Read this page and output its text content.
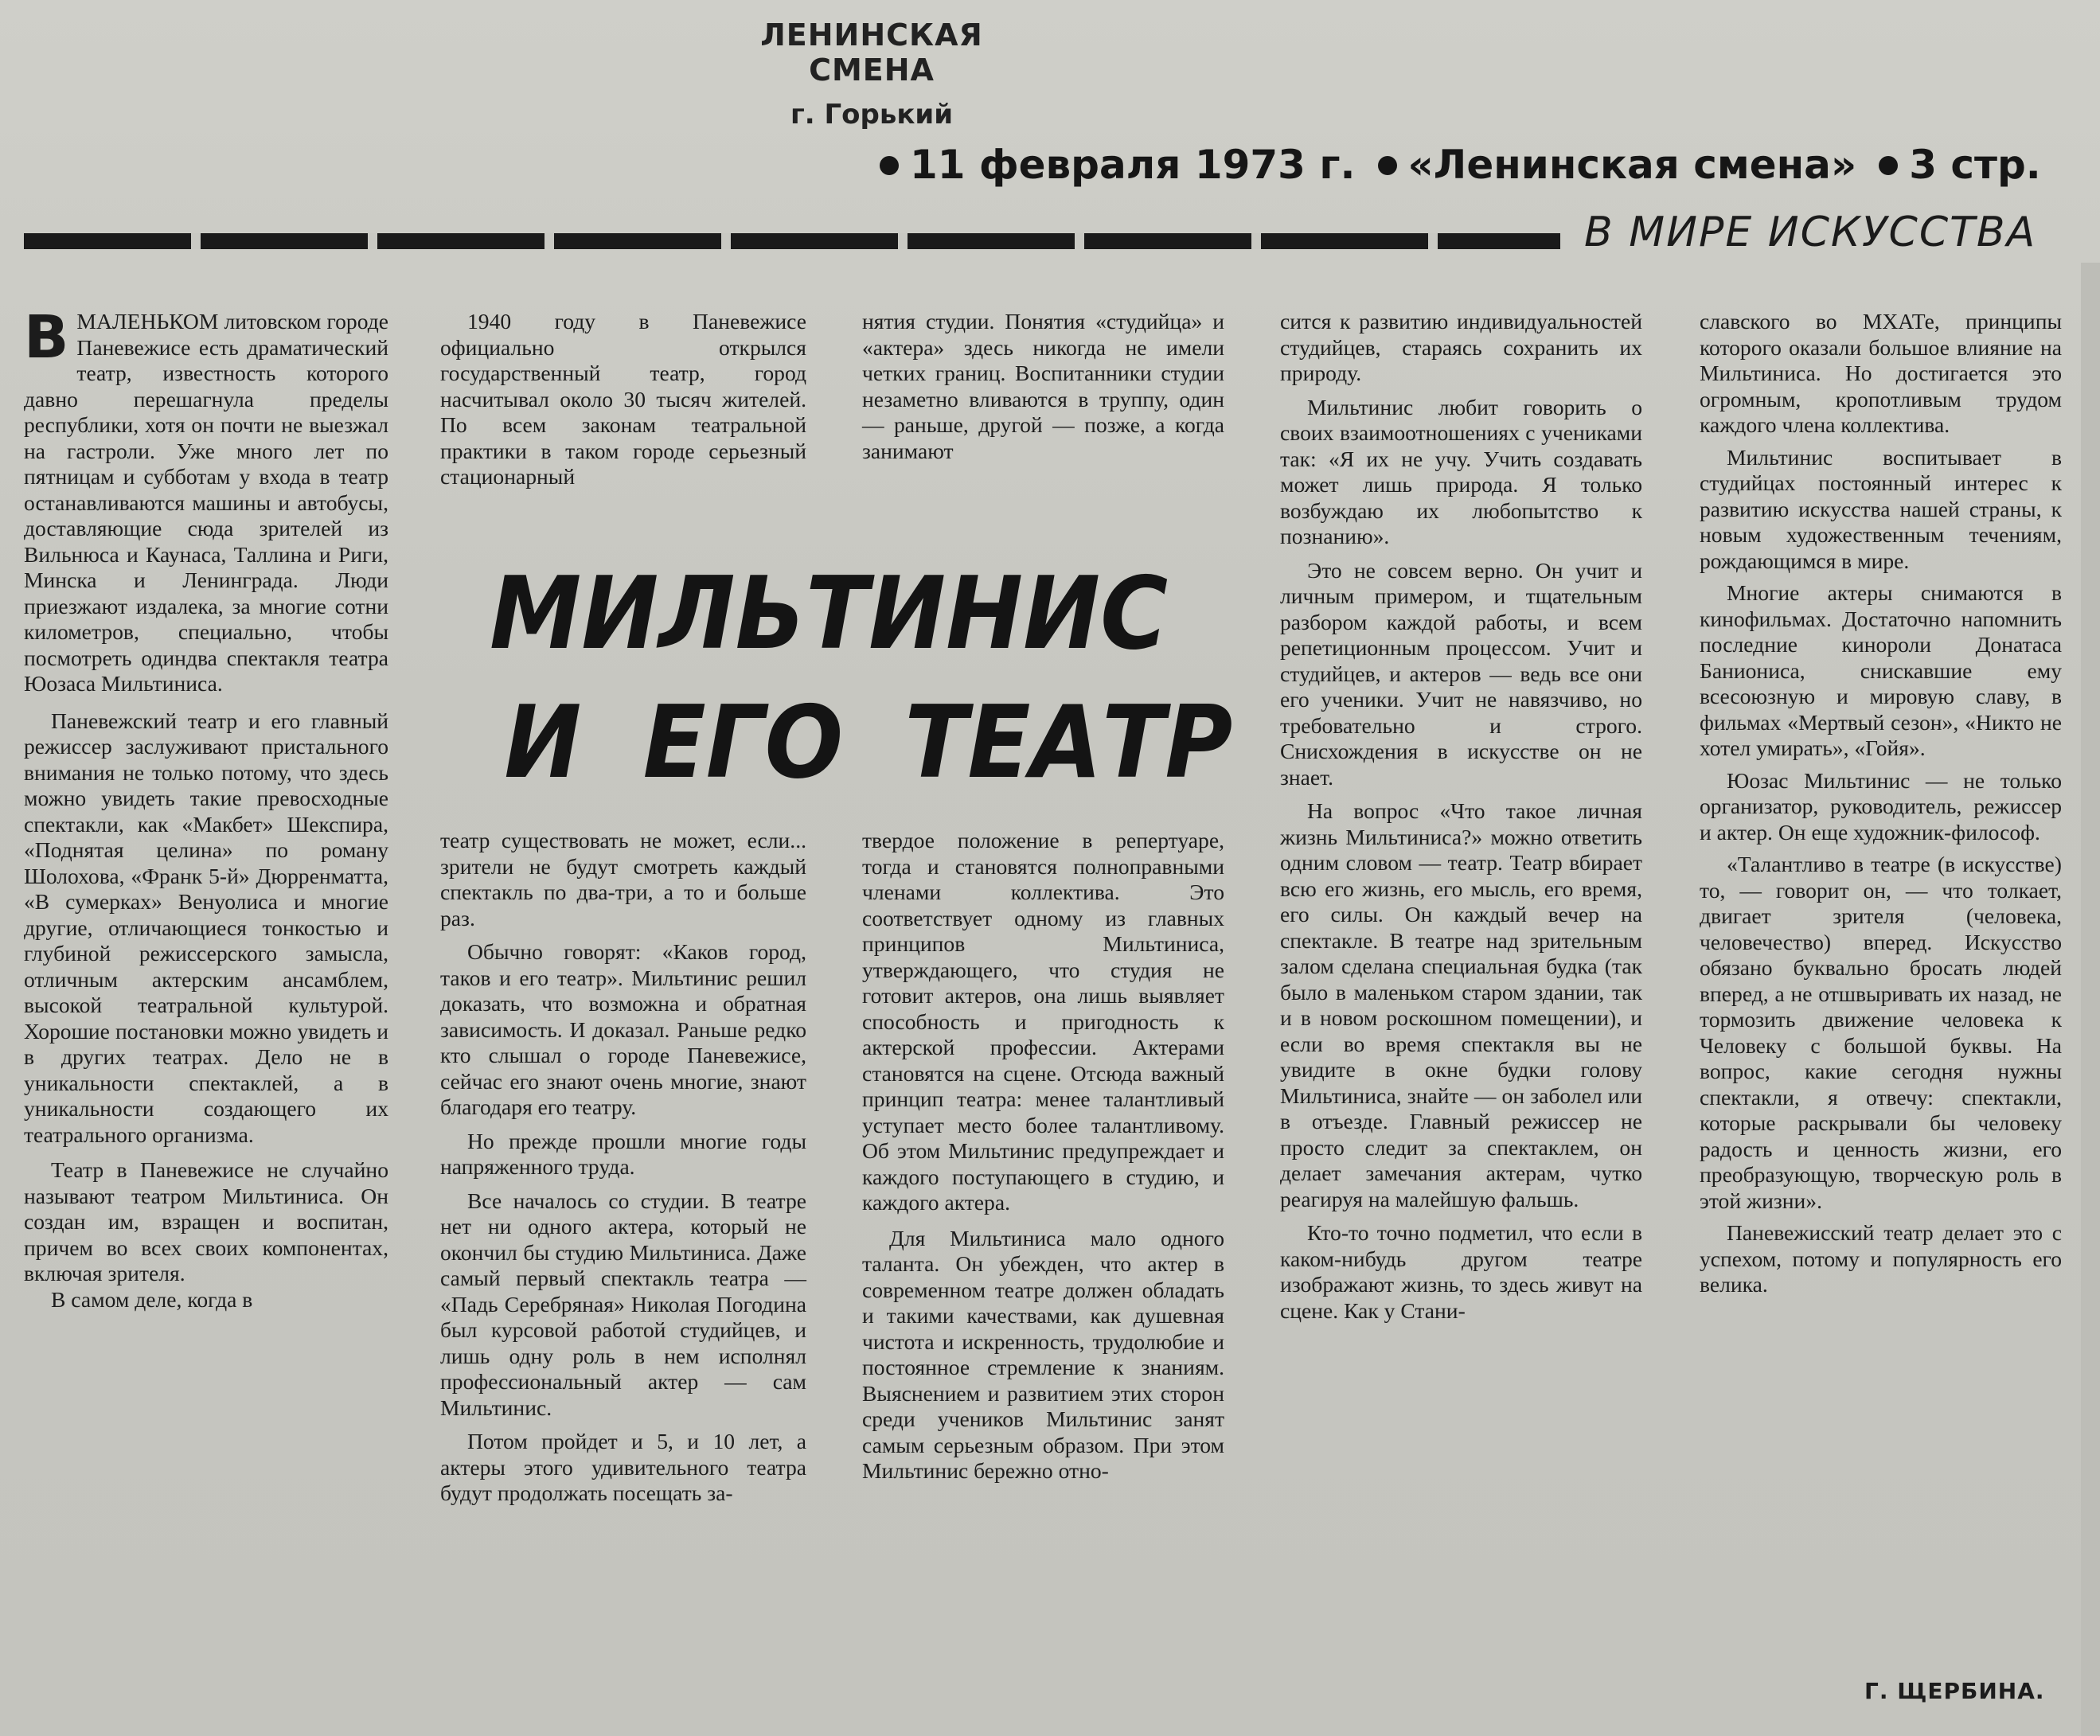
ЛЕНИНСКАЯ СМЕНА
г. Горький
11 февраля 1973 г. «Ленинская смена» 3 стр.
В МИРЕ ИСКУССТВА

ВМАЛЕНЬКОМ литовском городе Паневежисе есть драматический театр, известность которого давно перешагнула пределы республики, хотя он почти не выезжал на гастроли. Уже много лет по пятницам и субботам у входа в театр останавливаются машины и автобусы, доставляющие сюда зрителей из Вильнюса и Каунаса, Таллина и Риги, Минска и Ленинграда. Люди приезжают издалека, за многие сотни километров, специально, чтобы посмотреть одиндва спектакля театра Юозаса Мильтиниса.

Паневежский театр и его главный режиссер заслуживают пристального внимания не только потому, что здесь можно увидеть такие превосходные спектакли, как «Макбет» Шекспира, «Поднятая целина» по роману Шолохова, «Франк 5-й» Дюрренматта, «В сумерках» Венуолиса и многие другие, отличающиеся тонкостью и глубиной режиссерского замысла, отличным актерским ансамблем, высокой театральной культурой. Хорошие постановки можно увидеть и в других театрах. Дело не в уникальности спектаклей, а в уникальности создающего их театрального организма.

Театр в Паневежисе не случайно называют театром Мильтиниса. Он создан им, взращен и воспитан, причем во всех своих компонентах, включая зрителя.

В самом деле, когда в

1940 году в Паневежисе официально открылся государственный театр, город насчитывал около 30 тысяч жителей. По всем законам театральной практики в таком городе серьезный стационарный

театр существовать не может, если... зрители не будут смотреть каждый спектакль по два-три, а то и больше раз.

Обычно говорят: «Каков город, таков и его театр». Мильтинис решил доказать, что возможна и обратная зависимость. И доказал. Раньше редко кто слышал о городе Паневежисе, сейчас его знают очень многие, знают благодаря его театру.

Но прежде прошли многие годы напряженного труда.

Все началось со студии. В театре нет ни одного актера, который не окончил бы студию Мильтиниса. Даже самый первый спектакль театра — «Падь Серебряная» Николая Погодина был курсовой работой студийцев, и лишь одну роль в нем исполнял профессиональный актер — сам Мильтинис.

Потом пройдет и 5, и 10 лет, а актеры этого удивительного театра будут продолжать посещать за-

нятия студии. Понятия «студийца» и «актера» здесь никогда не имели четких границ. Воспитанники студии незаметно вливаются в труппу, один — раньше, другой — позже, а когда занимают

твердое положение в репертуаре, тогда и становятся полноправными членами коллектива. Это соответствует одному из главных принципов Мильтиниса, утверждающего, что студия не готовит актеров, она лишь выявляет способность и пригодность к актерской профессии. Актерами становятся на сцене. Отсюда важный принцип театра: менее талантливый уступает место более талантливому. Об этом Мильтинис предупреждает и каждого поступающего в студию, и каждого актера.

Для Мильтиниса мало одного таланта. Он убежден, что актер в современном театре должен обладать и такими качествами, как душевная чистота и искренность, трудолюбие и постоянное стремление к знаниям. Выяснением и развитием этих сторон среди учеников Мильтинис занят самым серьезным образом. При этом Мильтинис бережно отно-

МИЛЬТИНИС
И ЕГО ТЕАТР

сится к развитию индивидуальностей студийцев, стараясь сохранить их природу.

Мильтинис любит говорить о своих взаимоотношениях с учениками так: «Я их не учу. Учить создавать может лишь природа. Я только возбуждаю их любопытство к познанию».

Это не совсем верно. Он учит и личным примером, и тщательным разбором каждой работы, и всем репетиционным процессом. Учит и студийцев, и актеров — ведь все они его ученики. Учит не навязчиво, но требовательно и строго. Снисхождения в искусстве он не знает.

На вопрос «Что такое личная жизнь Мильтиниса?» можно ответить одним словом — театр. Театр вбирает всю его жизнь, его мысль, его время, его силы. Он каждый вечер на спектакле. В театре над зрительным залом сделана специальная будка (так было в маленьком старом здании, так и в новом роскошном помещении), и если во время спектакля вы не увидите в окне будки голову Мильтиниса, знайте — он заболел или в отъезде. Главный режиссер не просто следит за спектаклем, он делает замечания актерам, чутко реагируя на малейшую фальшь.

Кто-то точно подметил, что если в каком-нибудь другом театре изображают жизнь, то здесь живут на сцене. Как у Стани-

славского во МХАТе, принципы которого оказали большое влияние на Мильтиниса. Но достигается это огромным, кропотливым трудом каждого члена коллектива.

Мильтинис воспитывает в студийцах постоянный интерес к развитию искусства нашей страны, к новым художественным течениям, рождающимся в мире.

Многие актеры снимаются в кинофильмах. Достаточно напомнить последние кинороли Донатаса Баниониса, снискавшие ему всесоюзную и мировую славу, в фильмах «Мертвый сезон», «Никто не хотел умирать», «Гойя».

Юозас Мильтинис — не только организатор, руководитель, режиссер и актер. Он еще художник-философ.

«Талантливо в театре (в искусстве) то, — говорит он, — что толкает, двигает зрителя (человека, человечество) вперед. Искусство обязано буквально бросать людей вперед, а не отшвыривать их назад, не тормозить движение человека к Человеку с большой буквы. На вопрос, какие сегодня нужны спектакли, я отвечу: спектакли, которые раскрывали бы человеку радость и ценность жизни, его преобразующую, творческую роль в этой жизни».

Паневежисский театр делает это с успехом, потому и популярность его велика.

Г. ЩЕРБИНА.
